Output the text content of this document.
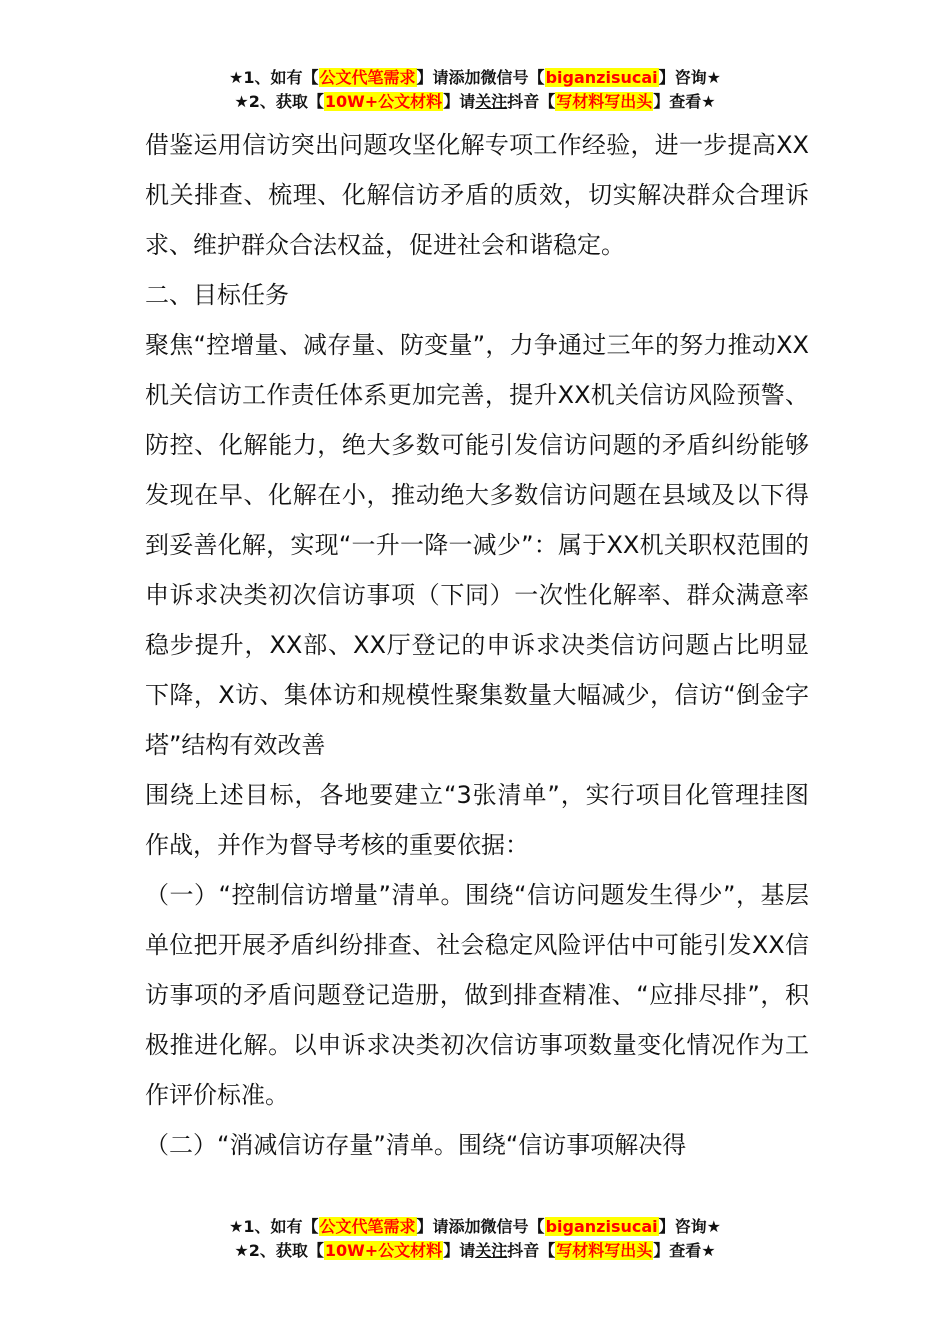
★1、如有【公文代笔需求】请添加微信号【biganzisucai】咨询★
★2、获取【10W+公文材料】请关注抖音【写材料写出头】查看★

借鉴运用信访突出问题攻坚化解专项工作经验，进一步提高XX机关排查、梳理、化解信访矛盾的质效，切实解决群众合理诉求、维护群众合法权益，促进社会和谐稳定。

二、目标任务

聚焦“控增量、减存量、防变量”，力争通过三年的努力推动XX机关信访工作责任体系更加完善，提升XX机关信访风险预警、防控、化解能力，绝大多数可能引发信访问题的矛盾纠纷能够发现在早、化解在小，推动绝大多数信访问题在县域及以下得到妥善化解，实现“一升一降一减少”：属于XX机关职权范围的申诉求决类初次信访事项（下同）一次性化解率、群众满意率稳步提升，XX部、XX厅登记的申诉求决类信访问题占比明显下降，X访、集体访和规模性聚集数量大幅减少，信访“倒金字塔”结构有效改善

围绕上述目标，各地要建立“3张清单”，实行项目化管理挂图作战，并作为督导考核的重要依据：

（一）“控制信访增量”清单。围绕“信访问题发生得少”，基层单位把开展矛盾纠纷排查、社会稳定风险评估中可能引发XX信访事项的矛盾问题登记造册，做到排查精准、“应排尽排”，积极推进化解。以申诉求决类初次信访事项数量变化情况作为工作评价标准。

（二）“消减信访存量”清单。围绕“信访事项解决得

★1、如有【公文代笔需求】请添加微信号【biganzisucai】咨询★
★2、获取【10W+公文材料】请关注抖音【写材料写出头】查看★
